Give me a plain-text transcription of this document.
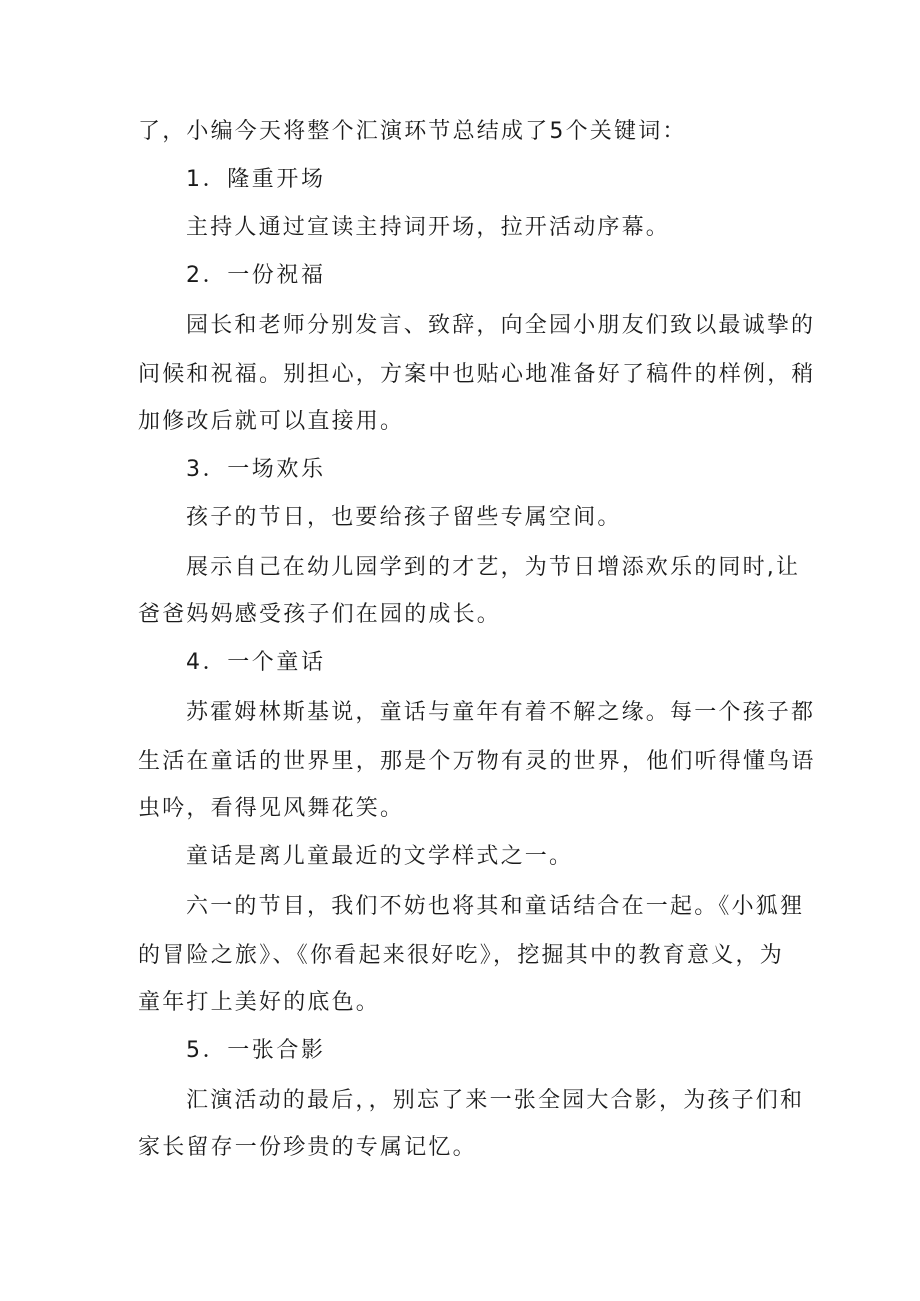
了，小编今天将整个汇演环节总结成了5个关键词：
1．隆重开场
主持人通过宣读主持词开场，拉开活动序幕。
2．一份祝福
园长和老师分别发言、致辞，向全园小朋友们致以最诚挚的
问候和祝福。别担心，方案中也贴心地准备好了稿件的样例，稍
加修改后就可以直接用。
3．一场欢乐
孩子的节日，也要给孩子留些专属空间。
展示自己在幼儿园学到的才艺，为节日增添欢乐的同时,让
爸爸妈妈感受孩子们在园的成长。
4．一个童话
苏霍姆林斯基说，童话与童年有着不解之缘。每一个孩子都
生活在童话的世界里，那是个万物有灵的世界，他们听得懂鸟语
虫吟，看得见风舞花笑。
童话是离儿童最近的文学样式之一。
六一的节目，我们不妨也将其和童话结合在一起。《小狐狸
的冒险之旅》、《你看起来很好吃》，挖掘其中的教育意义，为
童年打上美好的底色。
5．一张合影
汇演活动的最后，，别忘了来一张全园大合影，为孩子们和
家长留存一份珍贵的专属记忆。
